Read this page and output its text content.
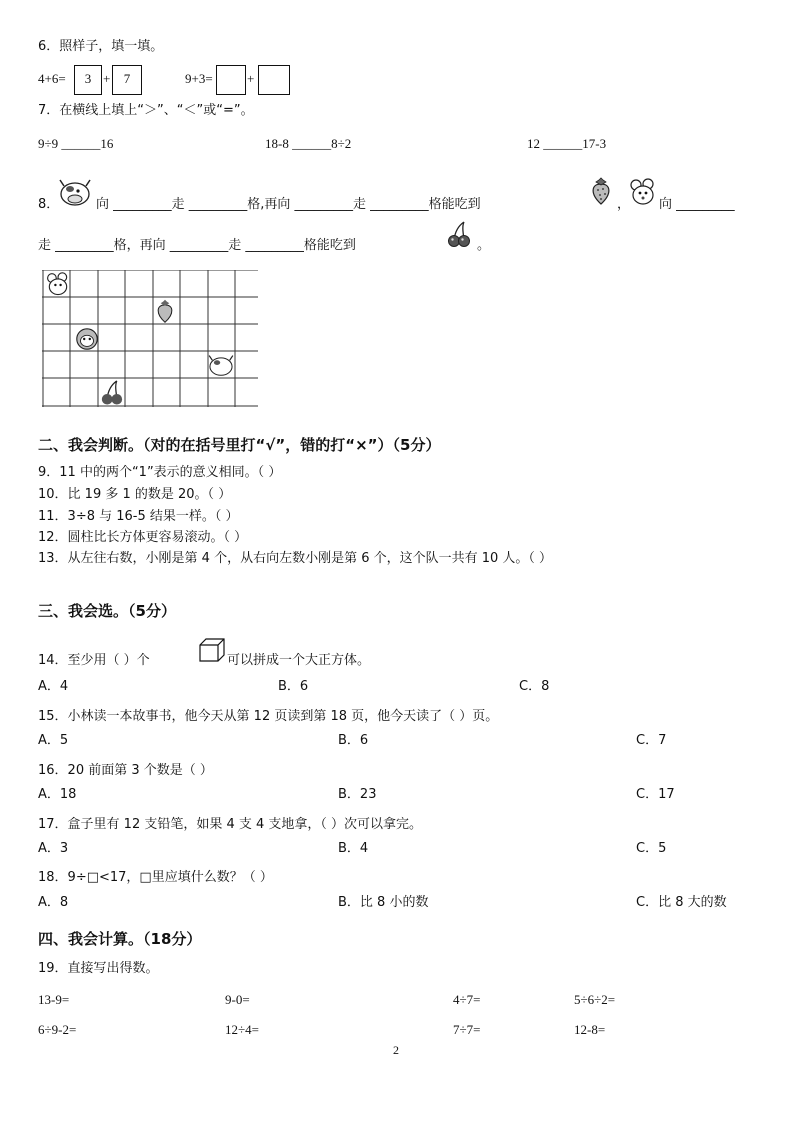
6．照样子，填一填。
4+6=	3 +	7	9+3=	+
7．在横线上填上“＞”、“＜”或“=”。
9÷9 ______16	18-8 ______8÷2	12 ______17-3
8．	向 _________走 _________格,再向 _________走 _________格能吃到	， 向 _________
走 _________格，再向 _________走 _________格能吃到	。
二、我会判断。（对的在括号里打“√”，错的打“×”）（5分）
9．11 中的两个“1”表示的意义相同。（ ）
10．比 19 多 1 的数是 20。（ ）
11．3÷8 与 16-5 结果一样。（ ）
12．圆柱比长方体更容易滚动。（ ）
13．从左往右数，小刚是第 4 个，从右向左数小刚是第 6 个，这个队一共有 10 人。（ ）
三、我会选。（5分）
14．至少用（ ）个	可以拼成一个大正方体。
A．4	B．6	C．8
15．小林读一本故事书，他今天从第 12 页读到第 18 页，他今天读了（ ）页。
A．5	B．6	C．7
16．20 前面第 3 个数是（ ）
A．18	B．23	C．17
17．盒子里有 12 支铅笔，如果 4 支 4 支地拿，（ ）次可以拿完。
A．3	B．4	C．5
18．9÷□<17，□里应填什么数？（ ）
A．8	B．比 8 小的数	C．比 8 大的数
四、我会计算。（18分）
19．直接写出得数。
13-9=	9-0=	4÷7=	5÷6÷2=
6÷9-2=	12÷4=	7÷7=	12-8=
2
